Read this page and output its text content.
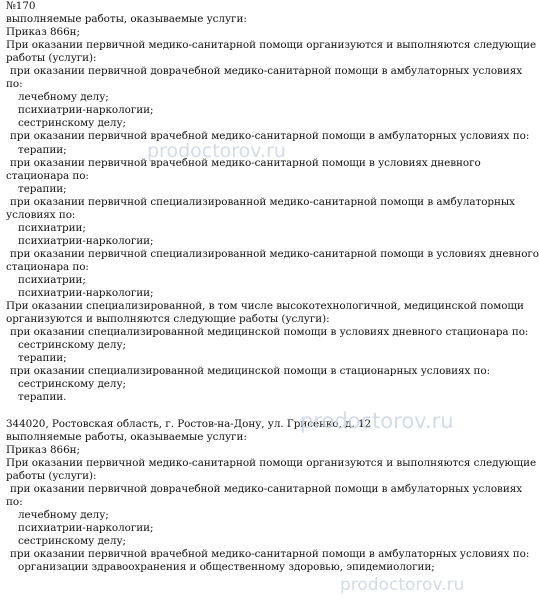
№170
выполняемые работы, оказываемые услуги:
Приказ 866н;
При оказании первичной медико-санитарной помощи организуются и выполняются следующие
работы (услуги):
при оказании первичной доврачебной медико-санитарной помощи в амбулаторных условиях
по:
лечебному делу;
психиатрии-наркологии;
сестринскому делу;
при оказании первичной врачебной медико-санитарной помощи в амбулаторных условиях по:
терапии;
при оказании первичной врачебной медико-санитарной помощи в условиях дневного
стационара по:
терапии;
при оказании первичной специализированной медико-санитарной помощи в амбулаторных
условиях по:
психиатрии;
психиатрии-наркологии;
при оказании первичной специализированной медико-санитарной помощи в условиях дневного
стационара по:
психиатрии;
психиатрии-наркологии;
При оказании специализированной, в том числе высокотехнологичной, медицинской помощи
организуются и выполняются следующие работы (услуги):
при оказании специализированной медицинской помощи в условиях дневного стационара по:
сестринскому делу;
терапии;
при оказании специализированной медицинской помощи в стационарных условиях по:
сестринскому делу;
терапии.
344020, Ростовская область, г. Ростов-на-Дону, ул. Грисенко, д. 12
выполняемые работы, оказываемые услуги:
Приказ 866н;
При оказании первичной медико-санитарной помощи организуются и выполняются следующие
работы (услуги):
при оказании первичной доврачебной медико-санитарной помощи в амбулаторных условиях
по:
лечебному делу;
психиатрии-наркологии;
сестринскому делу;
при оказании первичной врачебной медико-санитарной помощи в амбулаторных условиях по:
организации здравоохранения и общественному здоровью, эпидемиологии;
prodoctorov.ru
prodoctorov.ru
prodoctorov.ru
